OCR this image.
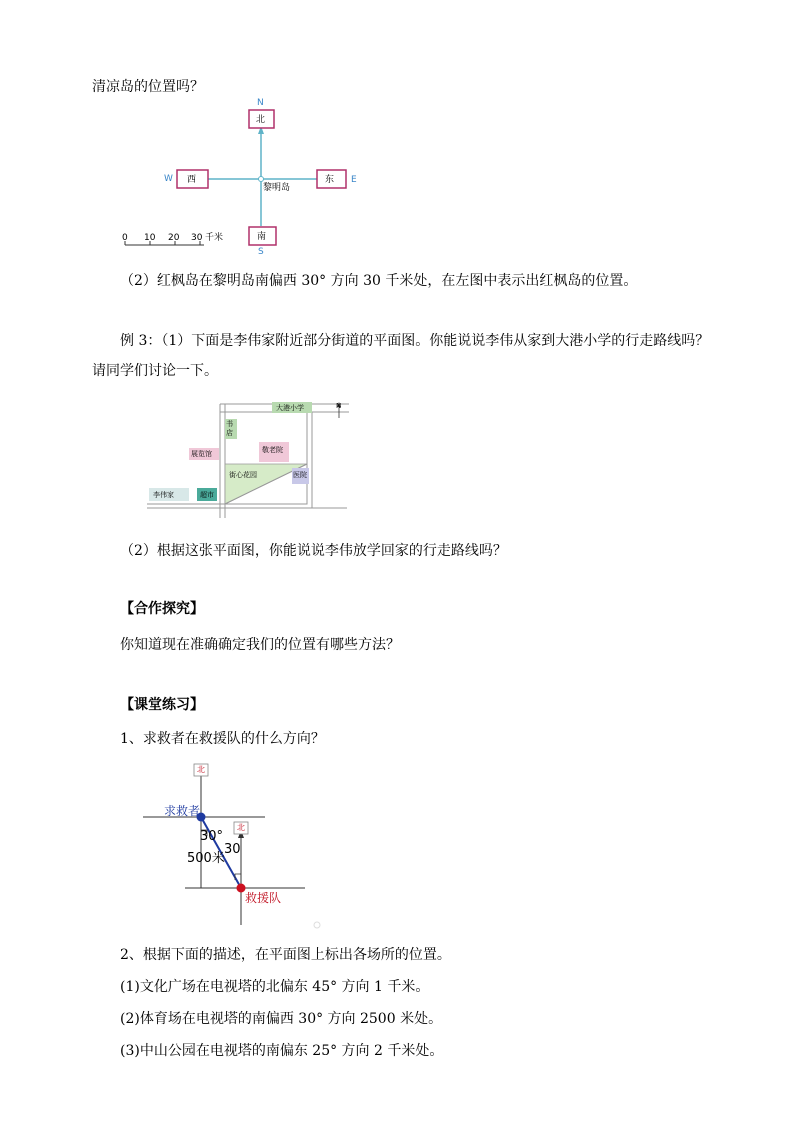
清凉岛的位置吗？
N
北
W 西	东 E
黎明岛
南
S
0 10 20 30 千米
（2）红枫岛在黎明岛南偏西 30° 方向 30 千米处，在左图中表示出红枫岛的位置。
例 3：（1）下面是李伟家附近部分街道的平面图。你能说说李伟从家到大港小学的行走路线吗？
请同学们讨论一下。
N
大港小学
书店
展览馆	敬老院
街心花园	医院
李伟家	超市
（2）根据这张平面图，你能说说李伟放学回家的行走路线吗？
【合作探究】
你知道现在准确确定我们的位置有哪些方法？
【课堂练习】
1、求救者在救援队的什么方向？
北
北
求救者
30°
30
500米
救援队
2、根据下面的描述，在平面图上标出各场所的位置。
(1)文化广场在电视塔的北偏东 45° 方向 1 千米。
(2)体育场在电视塔的南偏西 30° 方向 2500 米处。
(3)中山公园在电视塔的南偏东 25° 方向 2 千米处。
